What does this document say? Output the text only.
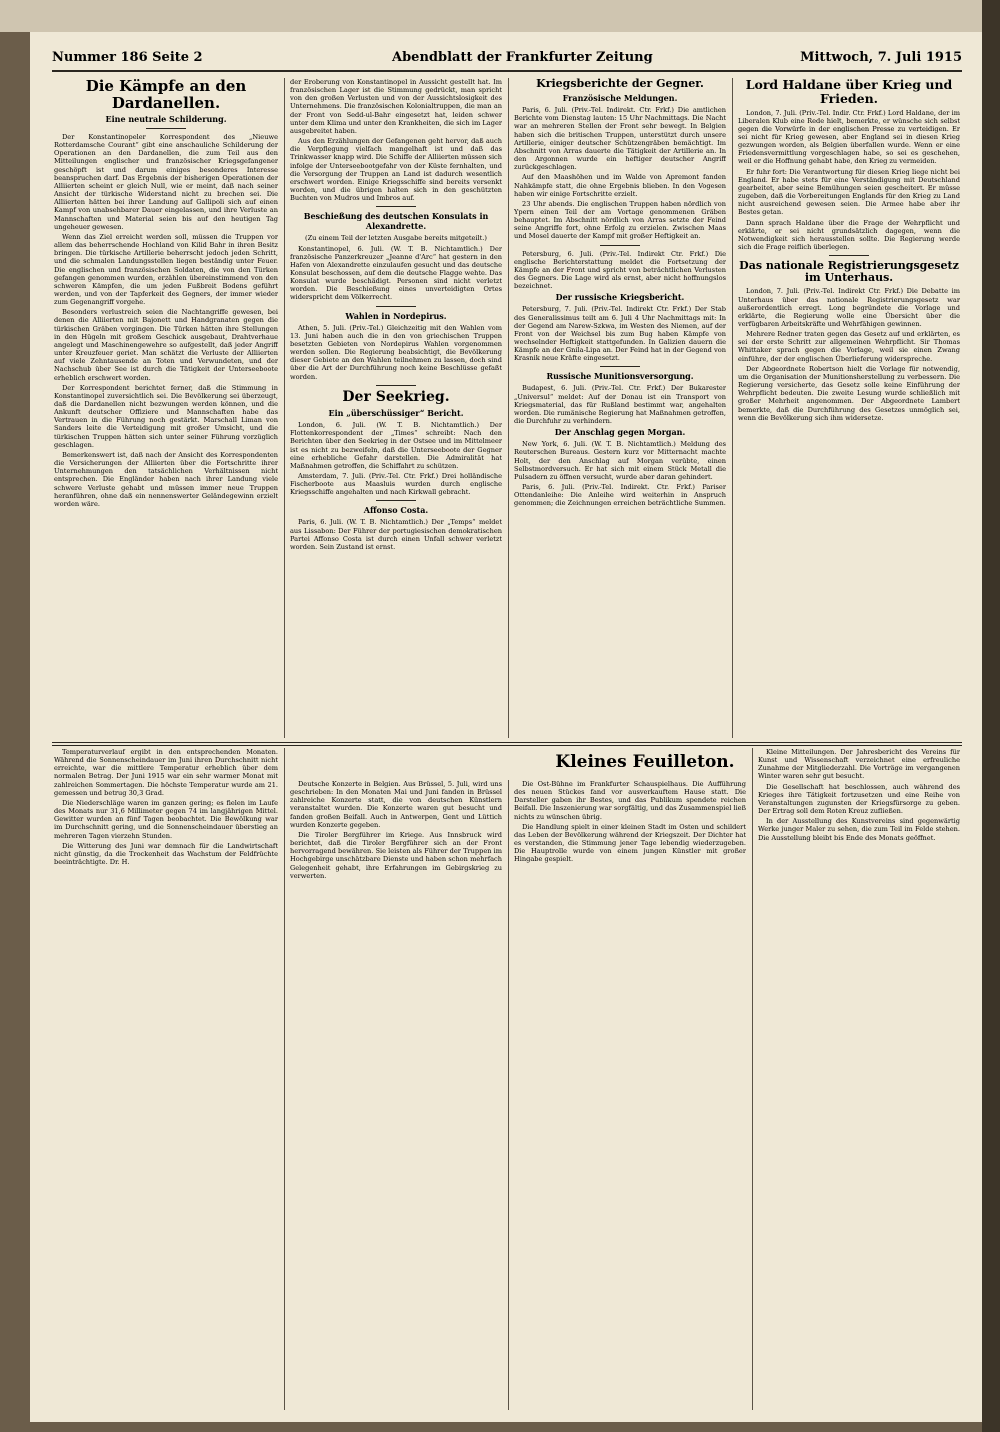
Nummer 186 Seite 2	Abendblatt der Frankfurter Zeitung	Mittwoch, 7. Juli 1915
Die Kämpfe an den Dardanellen.
Eine neutrale Schilderung.

Der Konstantinopeler Korrespondent des „Nieuwe Rotterdamsche Courant“ gibt eine anschauliche Schilderung der Operationen an den Dardanellen, die zum Teil aus den Mitteilungen englischer und französischer Kriegsgefangener geschöpft ist und darum einiges besonderes Interesse beanspruchen darf. Das Ergebnis der bisherigen Operationen der Alliierten scheint er gleich Null, wie er meint, daß nach seiner Ansicht der türkische Widerstand nicht zu brechen sei. Die Alliierten hätten bei ihrer Landung auf Gallipoli sich auf einen Kampf von unabsehbarer Dauer eingelassen, und ihre Verluste an Mannschaften und Material seien bis auf den heutigen Tag ungeheuer gewesen.

Wenn das Ziel erreicht werden soll, müssen die Truppen vor allem das beherrschende Hochland von Kilid Bahr in ihren Besitz bringen. Die türkische Artillerie beherrscht jedoch jeden Schritt, und die schmalen Landungsstellen liegen beständig unter Feuer. Die englischen und französischen Soldaten, die von den Türken gefangen genommen wurden, erzählen übereinstimmend von den schweren Kämpfen, die um jeden Fußbreit Bodens geführt werden, und von der Tapferkeit des Gegners, der immer wieder zum Gegenangriff vorgehe.

Besonders verlustreich seien die Nachtangriffe gewesen, bei denen die Alliierten mit Bajonett und Handgranaten gegen die türkischen Gräben vorgingen. Die Türken hätten ihre Stellungen in den Hügeln mit großem Geschick ausgebaut, Drahtverhaue angelegt und Maschinengewehre so aufgestellt, daß jeder Angriff unter Kreuzfeuer geriet. Man schätzt die Verluste der Alliierten auf viele Zehntausende an Toten und Verwundeten, und der Nachschub über See ist durch die Tätigkeit der Unterseeboote erheblich erschwert worden.

Der Korrespondent berichtet ferner, daß die Stimmung in Konstantinopel zuversichtlich sei. Die Bevölkerung sei überzeugt, daß die Dardanellen nicht bezwungen werden können, und die Ankunft deutscher Offiziere und Mannschaften habe das Vertrauen in die Führung noch gestärkt. Marschall Liman von Sanders leite die Verteidigung mit großer Umsicht, und die türkischen Truppen hätten sich unter seiner Führung vorzüglich geschlagen.

Bemerkenswert ist, daß nach der Ansicht des Korrespondenten die Versicherungen der Alliierten über die Fortschritte ihrer Unternehmungen den tatsächlichen Verhältnissen nicht entsprechen. Die Engländer haben nach ihrer Landung viele schwere Verluste gehabt und müssen immer neue Truppen heranführen, ohne daß ein nennenswerter Geländegewinn erzielt worden wäre.

der Eroberung von Konstantinopel in Aussicht gestellt hat. Im französischen Lager ist die Stimmung gedrückt, man spricht von den großen Verlusten und von der Aussichtslosigkeit des Unternehmens. Die französischen Kolonialtruppen, die man an der Front von Sedd-ul-Bahr eingesetzt hat, leiden schwer unter dem Klima und unter den Krankheiten, die sich im Lager ausgebreitet haben.

Aus den Erzählungen der Gefangenen geht hervor, daß auch die Verpflegung vielfach mangelhaft ist und daß das Trinkwasser knapp wird. Die Schiffe der Alliierten müssen sich infolge der Unterseebootgefahr von der Küste fernhalten, und die Versorgung der Truppen an Land ist dadurch wesentlich erschwert worden. Einige Kriegsschiffe sind bereits versenkt worden, und die übrigen halten sich in den geschützten Buchten von Mudros und Imbros auf.

Beschießung des deutschen Konsulats in Alexandrette.

(Zu einem Teil der letzten Ausgabe bereits mitgeteilt.)

Konstantinopel, 6. Juli. (W. T. B. Nichtamtlich.) Der französische Panzerkreuzer „Jeanne d'Arc“ hat gestern in den Hafen von Alexandrette einzulaufen gesucht und das deutsche Konsulat beschossen, auf dem die deutsche Flagge wehte. Das Konsulat wurde beschädigt. Personen sind nicht verletzt worden. Die Beschießung eines unverteidigten Ortes widerspricht dem Völkerrecht.

Wahlen in Nordepirus.

Athen, 5. Juli. (Priv.-Tel.) Gleichzeitig mit den Wahlen vom 13. Juni haben auch die in den von griechischen Truppen besetzten Gebieten von Nordepirus Wahlen vorgenommen werden sollen. Die Regierung beabsichtigt, die Bevölkerung dieser Gebiete an den Wahlen teilnehmen zu lassen, doch sind über die Art der Durchführung noch keine Beschlüsse gefaßt worden.

Der Seekrieg.
Ein „überschüssiger“ Bericht.

London, 6. Juli. (W. T. B. Nichtamtlich.) Der Flottenkorrespondent der „Times“ schreibt: Nach den Berichten über den Seekrieg in der Ostsee und im Mittelmeer ist es nicht zu bezweifeln, daß die Unterseeboote der Gegner eine erhebliche Gefahr darstellen. Die Admiralität hat Maßnahmen getroffen, die Schiffahrt zu schützen.

Amsterdam, 7. Juli. (Priv.-Tel. Ctr. Frkf.) Drei holländische Fischerboote aus Maasluis wurden durch englische Kriegsschiffe angehalten und nach Kirkwall gebracht.

Affonso Costa.

Paris, 6. Juli. (W. T. B. Nichtamtlich.) Der „Temps“ meldet aus Lissabon: Der Führer der portugiesischen demokratischen Partei Affonso Costa ist durch einen Unfall schwer verletzt worden. Sein Zustand ist ernst.

Kriegsberichte der Gegner.
Französische Meldungen.

Paris, 6. Juli. (Priv.-Tel. Indirekt. Ctr. Frkf.) Die amtlichen Berichte vom Dienstag lauten: 15 Uhr Nachmittags. Die Nacht war an mehreren Stellen der Front sehr bewegt. In Belgien haben sich die britischen Truppen, unterstützt durch unsere Artillerie, einiger deutscher Schützengräben bemächtigt. Im Abschnitt von Arras dauerte die Tätigkeit der Artillerie an. In den Argonnen wurde ein heftiger deutscher Angriff zurückgeschlagen.

Auf den Maashöhen und im Walde von Apremont fanden Nahkämpfe statt, die ohne Ergebnis blieben. In den Vogesen haben wir einige Fortschritte erzielt.

23 Uhr abends. Die englischen Truppen haben nördlich von Ypern einen Teil der am Vortage genommenen Gräben behauptet. Im Abschnitt nördlich von Arras setzte der Feind seine Angriffe fort, ohne Erfolg zu erzielen. Zwischen Maas und Mosel dauerte der Kampf mit großer Heftigkeit an.

Petersburg, 6. Juli. (Priv.-Tel. Indirekt Ctr. Frkf.) Die englische Berichterstattung meldet die Fortsetzung der Kämpfe an der Front und spricht von beträchtlichen Verlusten des Gegners. Die Lage wird als ernst, aber nicht hoffnungslos bezeichnet.

Der russische Kriegsbericht.

Petersburg, 7. Juli. (Priv.-Tel. Indirekt Ctr. Frkf.) Der Stab des Generalissimus teilt am 6. Juli 4 Uhr Nachmittags mit: In der Gegend am Narew-Szkwa, im Westen des Niemen, auf der Front von der Weichsel bis zum Bug haben Kämpfe von wechselnder Heftigkeit stattgefunden. In Galizien dauern die Kämpfe an der Gnila-Lipa an. Der Feind hat in der Gegend von Krasnik neue Kräfte eingesetzt.

Russische Munitionsversorgung.

Budapest, 6. Juli. (Priv.-Tel. Ctr. Frkf.) Der Bukarester „Universul“ meldet: Auf der Donau ist ein Transport von Kriegsmaterial, das für Rußland bestimmt war, angehalten worden. Die rumänische Regierung hat Maßnahmen getroffen, die Durchfuhr zu verhindern.

Der Anschlag gegen Morgan.

New York, 6. Juli. (W. T. B. Nichtamtlich.) Meldung des Reuterschen Bureaus. Gestern kurz vor Mitternacht machte Holt, der den Anschlag auf Morgan verübte, einen Selbstmordversuch. Er hat sich mit einem Stück Metall die Pulsadern zu öffnen versucht, wurde aber daran gehindert.

Paris, 6. Juli. (Priv.-Tel. Indirekt. Ctr. Frkf.) Pariser Ottendanleihe: Die Anleihe wird weiterhin in Anspruch genommen; die Zeichnungen erreichen beträchtliche Summen.

Lord Haldane über Krieg und Frieden.

London, 7. Juli. (Priv.-Tel. Indir. Ctr. Frkf.) Lord Haldane, der im Liberalen Klub eine Rede hielt, bemerkte, er wünsche sich selbst gegen die Vorwürfe in der englischen Presse zu verteidigen. Er sei nicht für Krieg gewesen, aber England sei in diesen Krieg gezwungen worden, als Belgien überfallen wurde. Wenn er eine Friedensvermittlung vorgeschlagen habe, so sei es geschehen, weil er die Hoffnung gehabt habe, den Krieg zu vermeiden.

Er fuhr fort: Die Verantwortung für diesen Krieg liege nicht bei England. Er habe stets für eine Verständigung mit Deutschland gearbeitet, aber seine Bemühungen seien gescheitert. Er müsse zugeben, daß die Vorbereitungen Englands für den Krieg zu Land nicht ausreichend gewesen seien. Die Armee habe aber ihr Bestes getan.

Dann sprach Haldane über die Frage der Wehrpflicht und erklärte, er sei nicht grundsätzlich dagegen, wenn die Notwendigkeit sich herausstellen sollte. Die Regierung werde sich die Frage reiflich überlegen.

Das nationale Registrierungsgesetz im Unterhaus.

London, 7. Juli. (Priv.-Tel. Indirekt Ctr. Frkf.) Die Debatte im Unterhaus über das nationale Registrierungsgesetz war außerordentlich erregt. Long begründete die Vorlage und erklärte, die Regierung wolle eine Übersicht über die verfügbaren Arbeitskräfte und Wehrfähigen gewinnen.

Mehrere Redner traten gegen das Gesetz auf und erklärten, es sei der erste Schritt zur allgemeinen Wehrpflicht. Sir Thomas Whittaker sprach gegen die Vorlage, weil sie einen Zwang einführe, der der englischen Überlieferung widerspreche.

Der Abgeordnete Robertson hielt die Vorlage für notwendig, um die Organisation der Munitionsherstellung zu verbessern. Die Regierung versicherte, das Gesetz solle keine Einführung der Wehrpflicht bedeuten. Die zweite Lesung wurde schließlich mit großer Mehrheit angenommen. Der Abgeordnete Lambert bemerkte, daß die Durchführung des Gesetzes unmöglich sei, wenn die Bevölkerung sich ihm widersetze.

Temperaturverlauf ergibt in den entsprechenden Monaten. Während die Sonnenscheindauer im Juni ihren Durchschnitt nicht erreichte, war die mittlere Temperatur erheblich über dem normalen Betrag. Der Juni 1915 war ein sehr warmer Monat mit zahlreichen Sommertagen. Die höchste Temperatur wurde am 21. gemessen und betrug 30,3 Grad.

Die Niederschläge waren im ganzen gering; es fielen im Laufe des Monats nur 31,6 Millimeter gegen 74 im langjährigen Mittel. Gewitter wurden an fünf Tagen beobachtet. Die Bewölkung war im Durchschnitt gering, und die Sonnenscheindauer überstieg an mehreren Tagen vierzehn Stunden.

Die Witterung des Juni war demnach für die Landwirtschaft nicht günstig, da die Trockenheit das Wachstum der Feldfrüchte beeinträchtigte. Dr. H.

Kleines Feuilleton.

Deutsche Konzerte in Belgien. Aus Brüssel, 5. Juli, wird uns geschrieben: In den Monaten Mai und Juni fanden in Brüssel zahlreiche Konzerte statt, die von deutschen Künstlern veranstaltet wurden. Die Konzerte waren gut besucht und fanden großen Beifall. Auch in Antwerpen, Gent und Lüttich wurden Konzerte gegeben.

Die Tiroler Bergführer im Kriege. Aus Innsbruck wird berichtet, daß die Tiroler Bergführer sich an der Front hervorragend bewähren. Sie leisten als Führer der Truppen im Hochgebirge unschätzbare Dienste und haben schon mehrfach Gelegenheit gehabt, ihre Erfahrungen im Gebirgskrieg zu verwerten.

Die Ost-Bühne im Frankfurter Schauspielhaus. Die Aufführung des neuen Stückes fand vor ausverkauftem Hause statt. Die Darsteller gaben ihr Bestes, und das Publikum spendete reichen Beifall. Die Inszenierung war sorgfältig, und das Zusammenspiel ließ nichts zu wünschen übrig.

Die Handlung spielt in einer kleinen Stadt im Osten und schildert das Leben der Bevölkerung während der Kriegszeit. Der Dichter hat es verstanden, die Stimmung jener Tage lebendig wiederzugeben. Die Hauptrolle wurde von einem jungen Künstler mit großer Hingabe gespielt.

Kleine Mitteilungen. Der Jahresbericht des Vereins für Kunst und Wissenschaft verzeichnet eine erfreuliche Zunahme der Mitgliederzahl. Die Vorträge im vergangenen Winter waren sehr gut besucht.

Die Gesellschaft hat beschlossen, auch während des Krieges ihre Tätigkeit fortzusetzen und eine Reihe von Veranstaltungen zugunsten der Kriegsfürsorge zu geben. Der Ertrag soll dem Roten Kreuz zufließen.

In der Ausstellung des Kunstvereins sind gegenwärtig Werke junger Maler zu sehen, die zum Teil im Felde stehen. Die Ausstellung bleibt bis Ende des Monats geöffnet.
